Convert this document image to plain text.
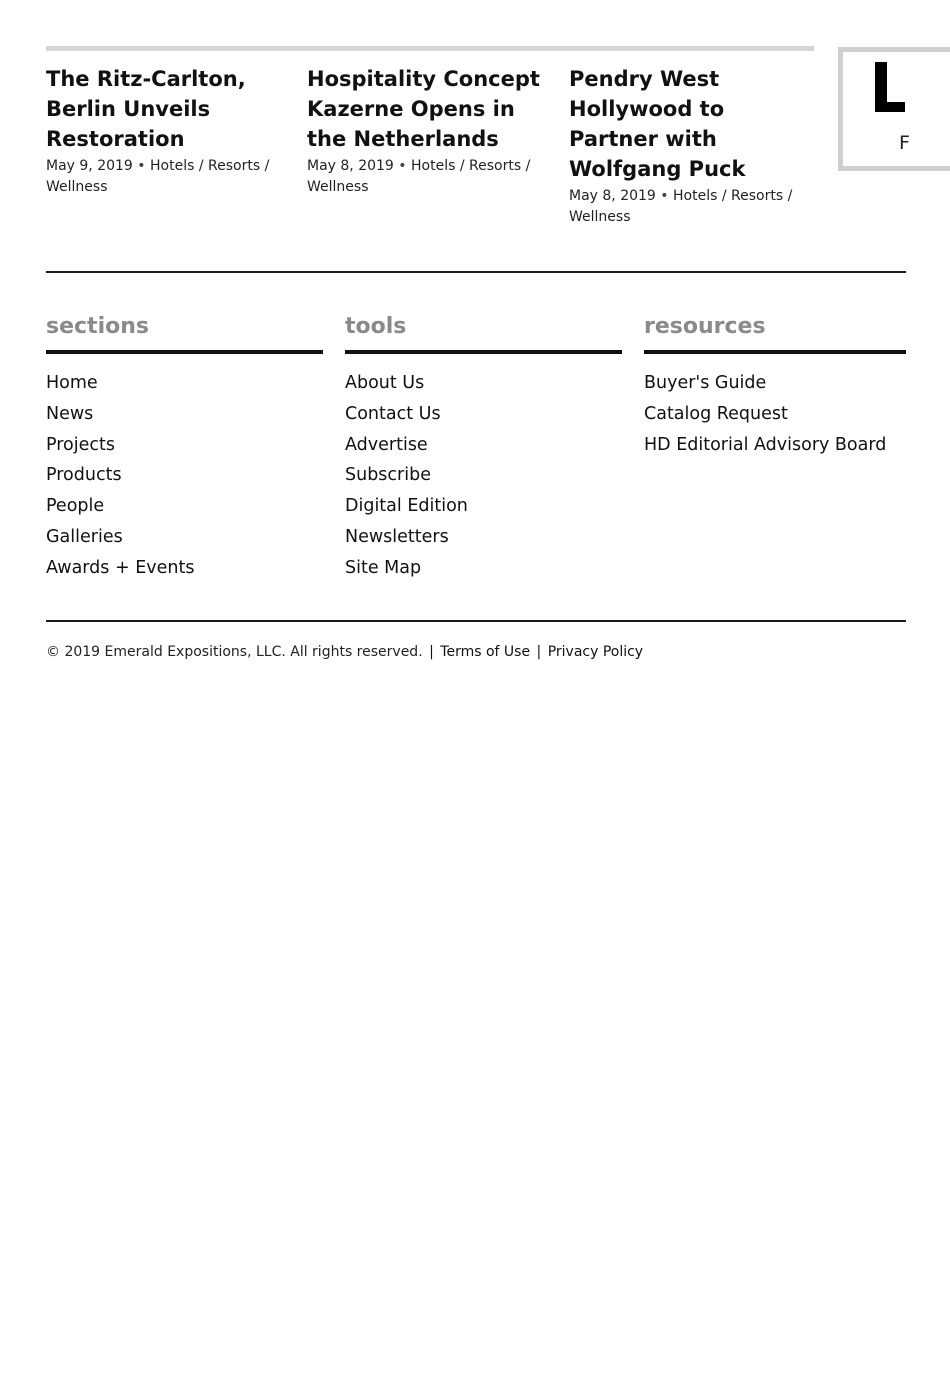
The Ritz-Carlton, Berlin Unveils Restoration
May 9, 2019 • Hotels / Resorts / Wellness
Hospitality Concept Kazerne Opens in the Netherlands
May 8, 2019 • Hotels / Resorts / Wellness
Pendry West Hollywood to Partner with Wolfgang Puck
May 8, 2019 • Hotels / Resorts / Wellness
F
sections
Home
News
Projects
Products
People
Galleries
Awards + Events
tools
About Us
Contact Us
Advertise
Subscribe
Digital Edition
Newsletters
Site Map
resources
Buyer's Guide
Catalog Request
HD Editorial Advisory Board
© 2019 Emerald Expositions, LLC. All rights reserved. | Terms of Use | Privacy Policy
